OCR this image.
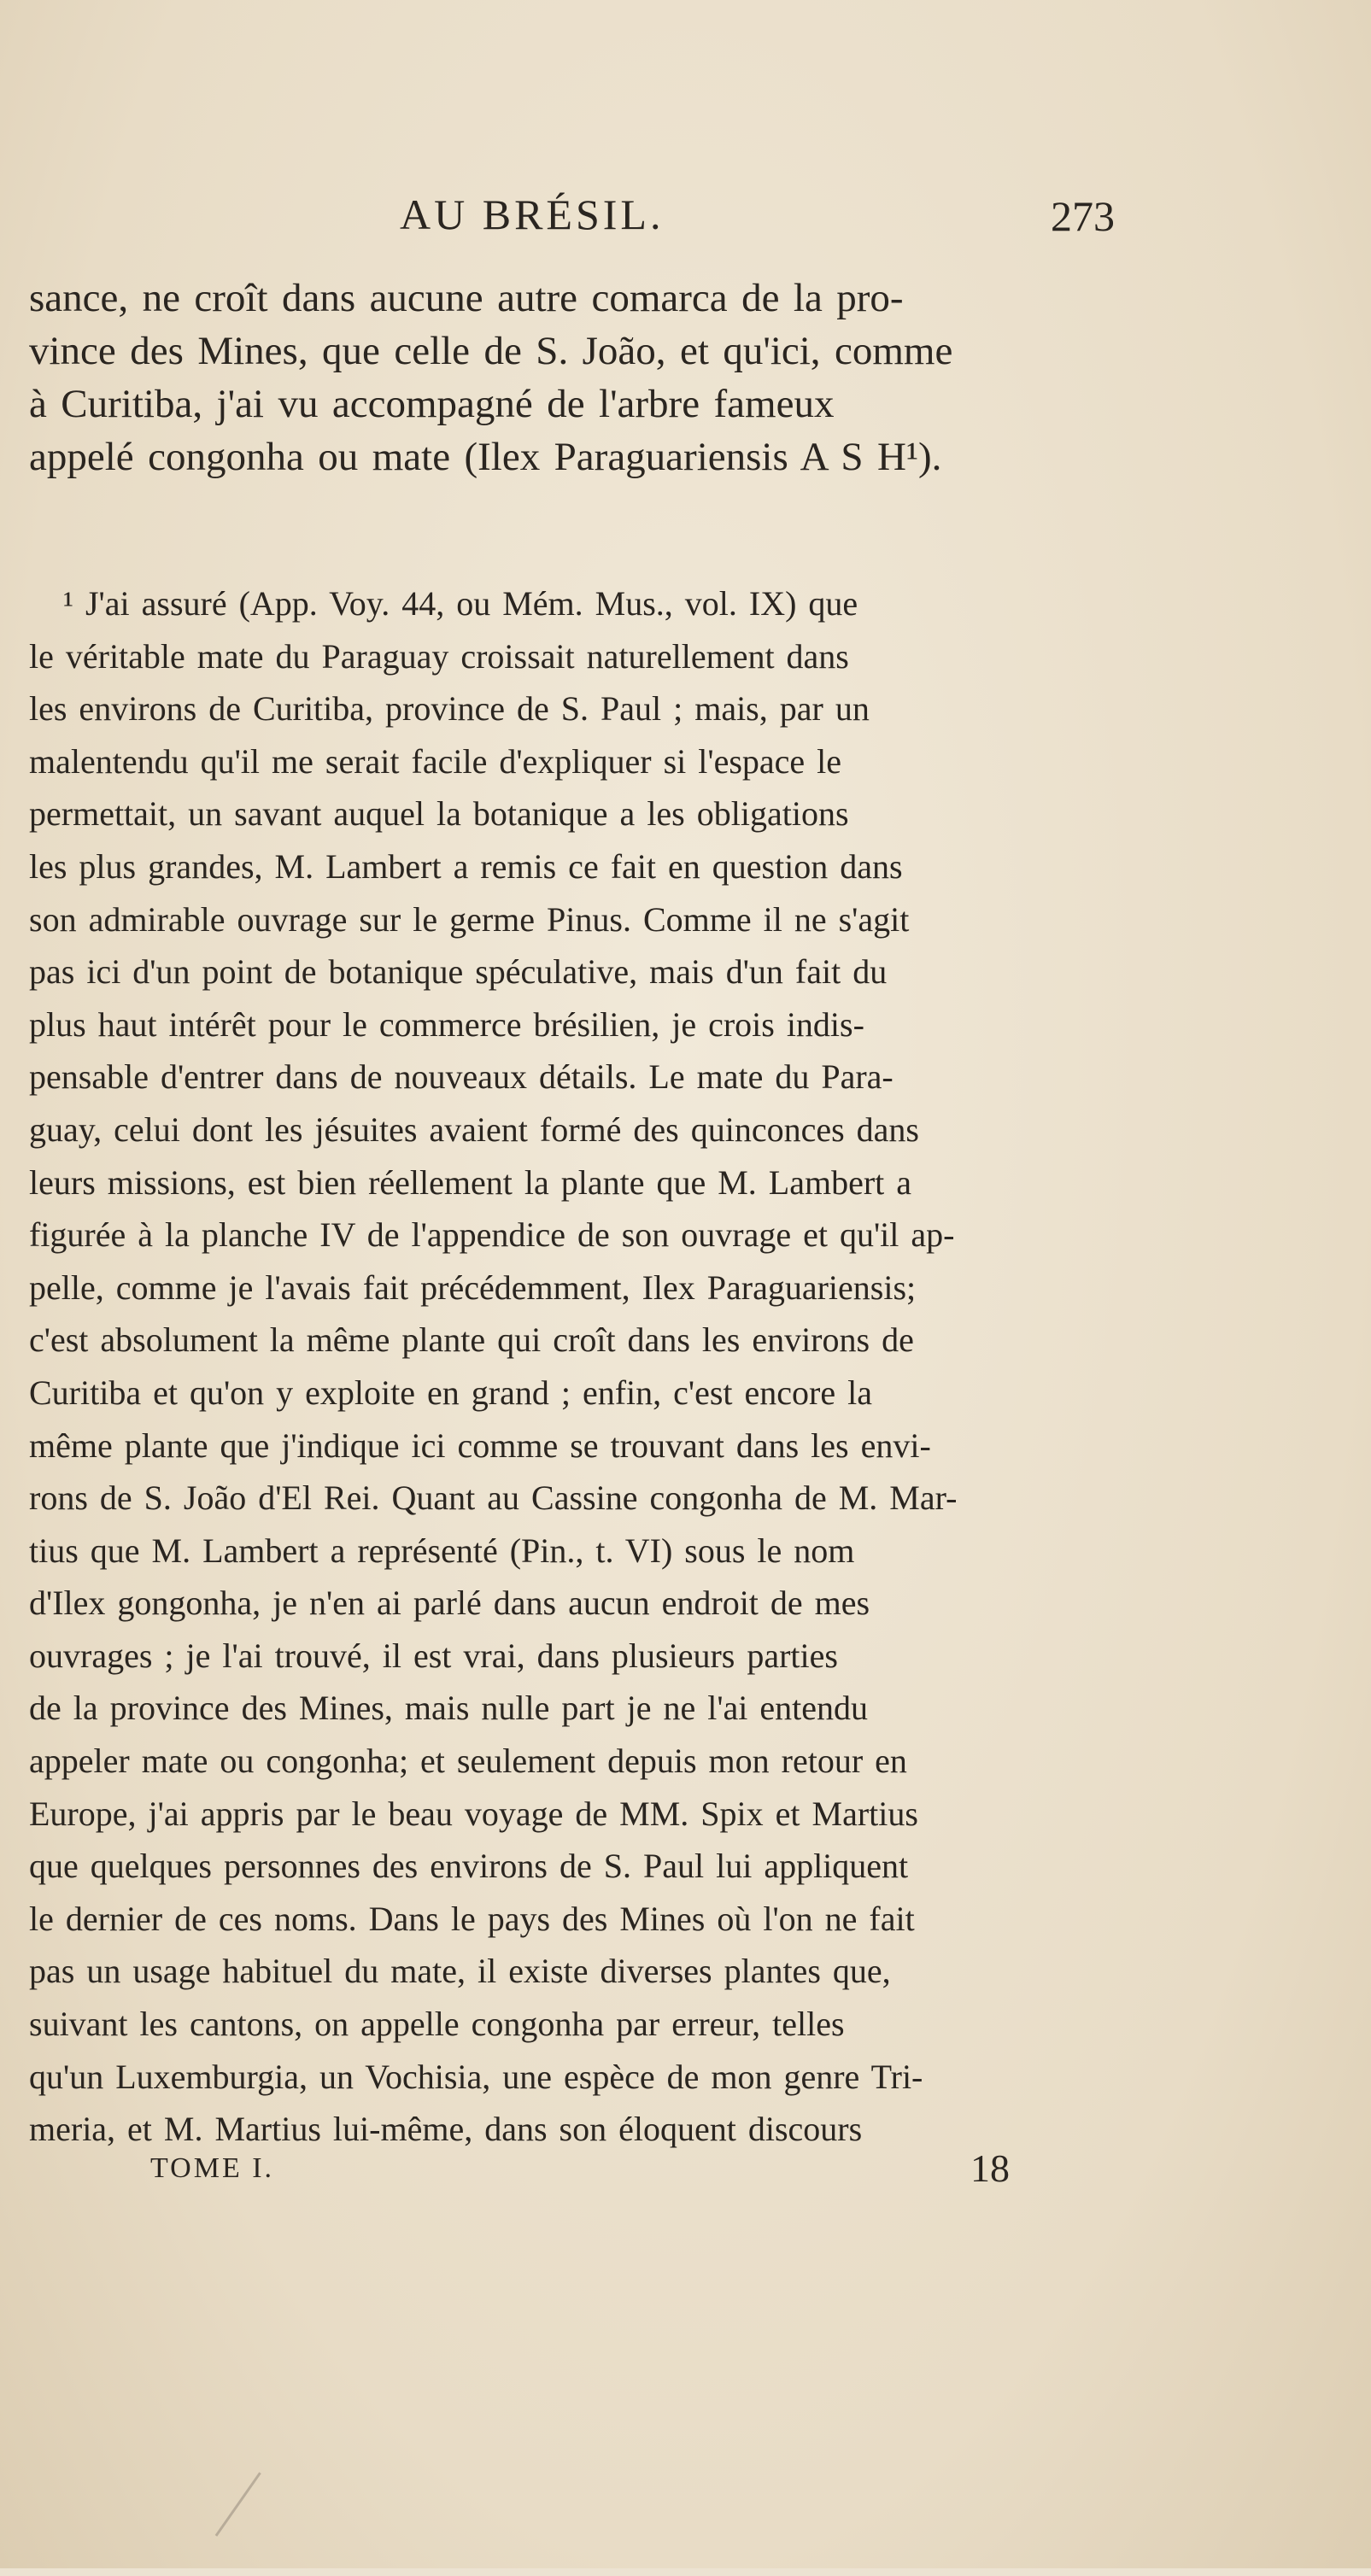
AU BRÉSIL.	273
sance, ne croît dans aucune autre comarca de la pro-
vince des Mines, que celle de S. João, et qu'ici, comme
à Curitiba, j'ai vu accompagné de l'arbre fameux
appelé congonha ou mate (Ilex Paraguariensis A S H¹).
¹ J'ai assuré (App. Voy. 44, ou Mém. Mus., vol. IX) que
le véritable mate du Paraguay croissait naturellement dans
les environs de Curitiba, province de S. Paul ; mais, par un
malentendu qu'il me serait facile d'expliquer si l'espace le
permettait, un savant auquel la botanique a les obligations
les plus grandes, M. Lambert a remis ce fait en question dans
son admirable ouvrage sur le germe Pinus. Comme il ne s'agit
pas ici d'un point de botanique spéculative, mais d'un fait du
plus haut intérêt pour le commerce brésilien, je crois indis-
pensable d'entrer dans de nouveaux détails. Le mate du Para-
guay, celui dont les jésuites avaient formé des quinconces dans
leurs missions, est bien réellement la plante que M. Lambert a
figurée à la planche IV de l'appendice de son ouvrage et qu'il ap-
pelle, comme je l'avais fait précédemment, Ilex Paraguariensis;
c'est absolument la même plante qui croît dans les environs de
Curitiba et qu'on y exploite en grand ; enfin, c'est encore la
même plante que j'indique ici comme se trouvant dans les envi-
rons de S. João d'El Rei. Quant au Cassine congonha de M. Mar-
tius que M. Lambert a représenté (Pin., t. VI) sous le nom
d'Ilex gongonha, je n'en ai parlé dans aucun endroit de mes
ouvrages ; je l'ai trouvé, il est vrai, dans plusieurs parties
de la province des Mines, mais nulle part je ne l'ai entendu
appeler mate ou congonha; et seulement depuis mon retour en
Europe, j'ai appris par le beau voyage de MM. Spix et Martius
que quelques personnes des environs de S. Paul lui appliquent
le dernier de ces noms. Dans le pays des Mines où l'on ne fait
pas un usage habituel du mate, il existe diverses plantes que,
suivant les cantons, on appelle congonha par erreur, telles
qu'un Luxemburgia, un Vochisia, une espèce de mon genre Tri-
meria, et M. Martius lui-même, dans son éloquent discours
TOME I.	18
